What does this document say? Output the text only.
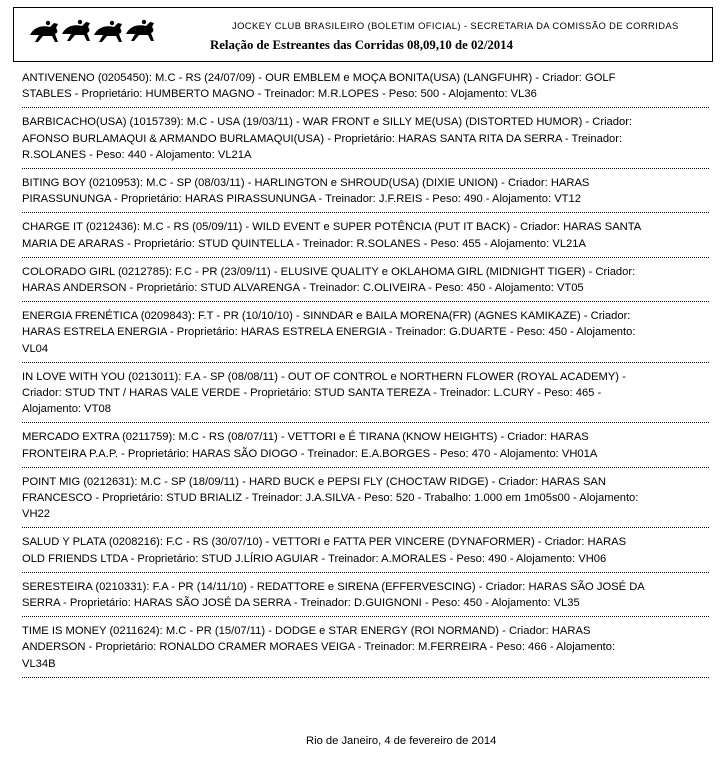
JOCKEY CLUB BRASILEIRO (BOLETIM OFICIAL) - SECRETARIA DA COMISSÃO DE CORRIDAS
Relação de Estreantes das Corridas 08,09,10 de 02/2014

ANTIVENENO (0205450): M.C - RS (24/07/09) - OUR EMBLEM e MOÇA BONITA(USA) (LANGFUHR) - Criador: GOLF STABLES - Proprietário: HUMBERTO MAGNO - Treinador: M.R.LOPES - Peso: 500 - Alojamento: VL36

BARBICACHO(USA) (1015739): M.C - USA (19/03/11) - WAR FRONT e SILLY ME(USA) (DISTORTED HUMOR) - Criador: AFONSO BURLAMAQUI & ARMANDO BURLAMAQUI(USA) - Proprietário: HARAS SANTA RITA DA SERRA - Treinador: R.SOLANES - Peso: 440 - Alojamento: VL21A

BITING BOY (0210953): M.C - SP (08/03/11) - HARLINGTON e SHROUD(USA) (DIXIE UNION) - Criador: HARAS PIRASSUNUNGA - Proprietário: HARAS PIRASSUNUNGA - Treinador: J.F.REIS - Peso: 490 - Alojamento: VT12

CHARGE IT (0212436): M.C - RS (05/09/11) - WILD EVENT e SUPER POTÊNCIA (PUT IT BACK) - Criador: HARAS SANTA MARIA DE ARARAS - Proprietário: STUD QUINTELLA - Treinador: R.SOLANES - Peso: 455 - Alojamento: VL21A

COLORADO GIRL (0212785): F.C - PR (23/09/11) - ELUSIVE QUALITY e OKLAHOMA GIRL (MIDNIGHT TIGER) - Criador: HARAS ANDERSON - Proprietário: STUD ALVARENGA - Treinador: C.OLIVEIRA - Peso: 450 - Alojamento: VT05

ENERGIA FRENÉTICA (0209843): F.T - PR (10/10/10) - SINNDAR e BAILA MORENA(FR) (AGNES KAMIKAZE) - Criador: HARAS ESTRELA ENERGIA - Proprietário: HARAS ESTRELA ENERGIA - Treinador: G.DUARTE - Peso: 450 - Alojamento: VL04

IN LOVE WITH YOU (0213011): F.A - SP (08/08/11) - OUT OF CONTROL e NORTHERN FLOWER (ROYAL ACADEMY) - Criador: STUD TNT / HARAS VALE VERDE - Proprietário: STUD SANTA TEREZA - Treinador: L.CURY - Peso: 465 - Alojamento: VT08

MERCADO EXTRA (0211759): M.C - RS (08/07/11) - VETTORI e É TIRANA (KNOW HEIGHTS) - Criador: HARAS FRONTEIRA P.A.P. - Proprietário: HARAS SÃO DIOGO - Treinador: E.A.BORGES - Peso: 470 - Alojamento: VH01A

POINT MIG (0212631): M.C - SP (18/09/11) - HARD BUCK e PEPSI FLY (CHOCTAW RIDGE) - Criador: HARAS SAN FRANCESCO - Proprietário: STUD BRIALIZ - Treinador: J.A.SILVA - Peso: 520 - Trabalho: 1.000 em 1m05s00 - Alojamento: VH22

SALUD Y PLATA (0208216): F.C - RS (30/07/10) - VETTORI e FATTA PER VINCERE (DYNAFORMER) - Criador: HARAS OLD FRIENDS LTDA - Proprietário: STUD J.LÍRIO AGUIAR - Treinador: A.MORALES - Peso: 490 - Alojamento: VH06

SERESTEIRA (0210331): F.A - PR (14/11/10) - REDATTORE e SIRENA (EFFERVESCING) - Criador: HARAS SÃO JOSÉ DA SERRA - Proprietário: HARAS SÃO JOSÉ DA SERRA - Treinador: D.GUIGNONI - Peso: 450 - Alojamento: VL35

TIME IS MONEY (0211624): M.C - PR (15/07/11) - DODGE e STAR ENERGY (ROI NORMAND) - Criador: HARAS ANDERSON - Proprietário: RONALDO CRAMER MORAES VEIGA - Treinador: M.FERREIRA - Peso: 466 - Alojamento: VL34B

Rio de Janeiro, 4 de fevereiro de 2014
